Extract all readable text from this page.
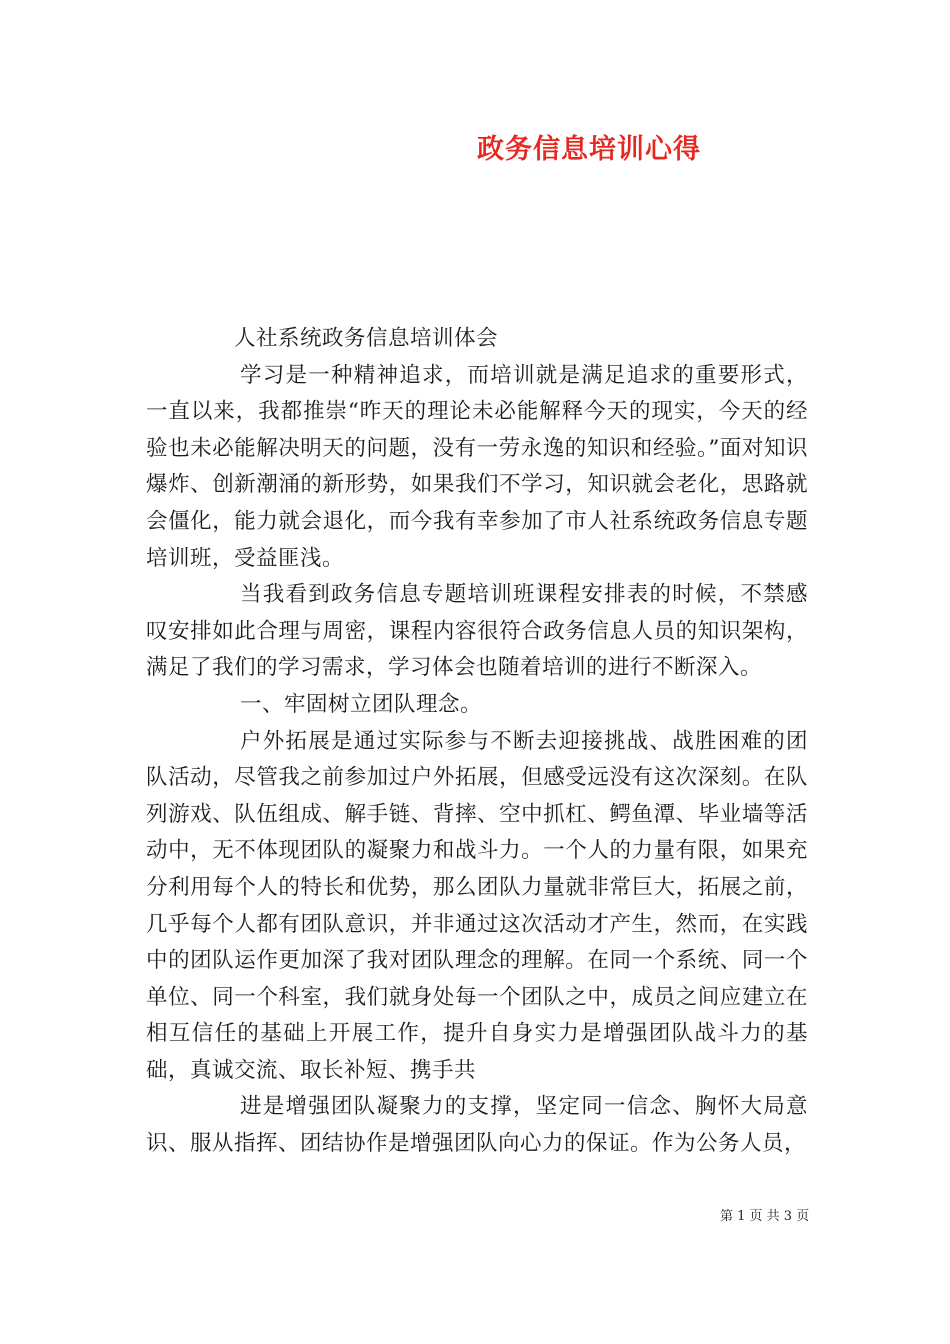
政务信息培训心得

人社系统政务信息培训体会

学习是一种精神追求，而培训就是满足追求的重要形式，一直以来，我都推崇“昨天的理论未必能解释今天的现实，今天的经验也未必能解决明天的问题，没有一劳永逸的知识和经验。”面对知识爆炸、创新潮涌的新形势，如果我们不学习，知识就会老化，思路就会僵化，能力就会退化，而今我有幸参加了市人社系统政务信息专题培训班，受益匪浅。

当我看到政务信息专题培训班课程安排表的时候，不禁感叹安排如此合理与周密，课程内容很符合政务信息人员的知识架构，满足了我们的学习需求，学习体会也随着培训的进行不断深入。

一、牢固树立团队理念。

户外拓展是通过实际参与不断去迎接挑战、战胜困难的团队活动，尽管我之前参加过户外拓展，但感受远没有这次深刻。在队列游戏、队伍组成、解手链、背摔、空中抓杠、鳄鱼潭、毕业墙等活动中，无不体现团队的凝聚力和战斗力。一个人的力量有限，如果充分利用每个人的特长和优势，那么团队力量就非常巨大，拓展之前，几乎每个人都有团队意识，并非通过这次活动才产生，然而，在实践中的团队运作更加深了我对团队理念的理解。在同一个系统、同一个单位、同一个科室，我们就身处每一个团队之中，成员之间应建立在相互信任的基础上开展工作，提升自身实力是增强团队战斗力的基础，真诚交流、取长补短、携手共

进是增强团队凝聚力的支撑，坚定同一信念、胸怀大局意识、服从指挥、团结协作是增强团队向心力的保证。作为公务人员，

第 1 页 共 3 页
